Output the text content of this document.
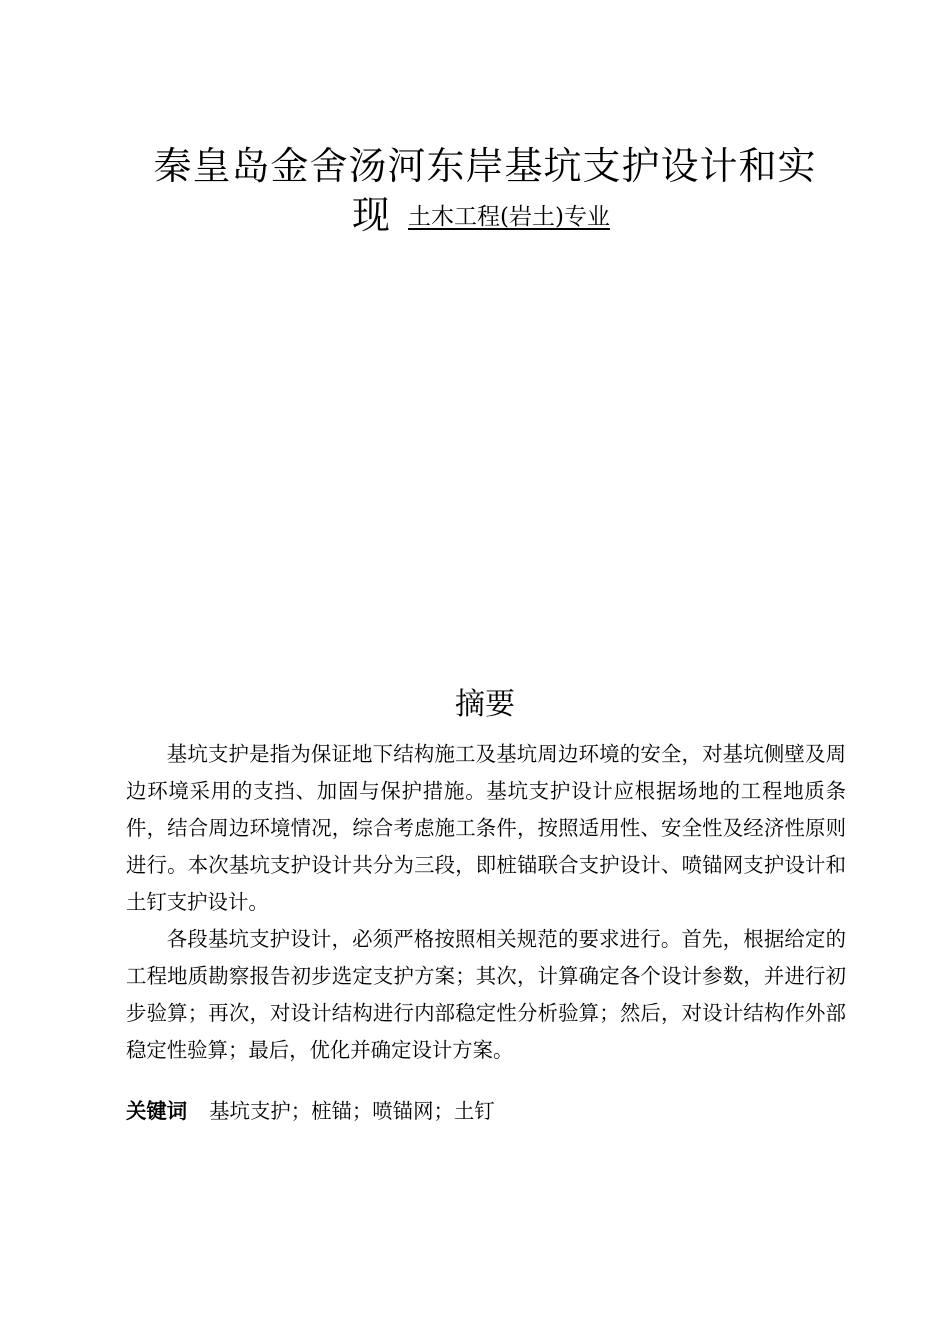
秦皇岛金舍汤河东岸基坑支护设计和实
现土木工程(岩土)专业
摘要

基坑支护是指为保证地下结构施工及基坑周边环境的安全，对基坑侧壁及周边环境采用的支挡、加固与保护措施。基坑支护设计应根据场地的工程地质条件，结合周边环境情况，综合考虑施工条件，按照适用性、安全性及经济性原则进行。本次基坑支护设计共分为三段，即桩锚联合支护设计、喷锚网支护设计和土钉支护设计。

各段基坑支护设计，必须严格按照相关规范的要求进行。首先，根据给定的工程地质勘察报告初步选定支护方案；其次，计算确定各个设计参数，并进行初步验算；再次，对设计结构进行内部稳定性分析验算；然后，对设计结构作外部稳定性验算；最后，优化并确定设计方案。

关键词 基坑支护；桩锚；喷锚网；土钉
